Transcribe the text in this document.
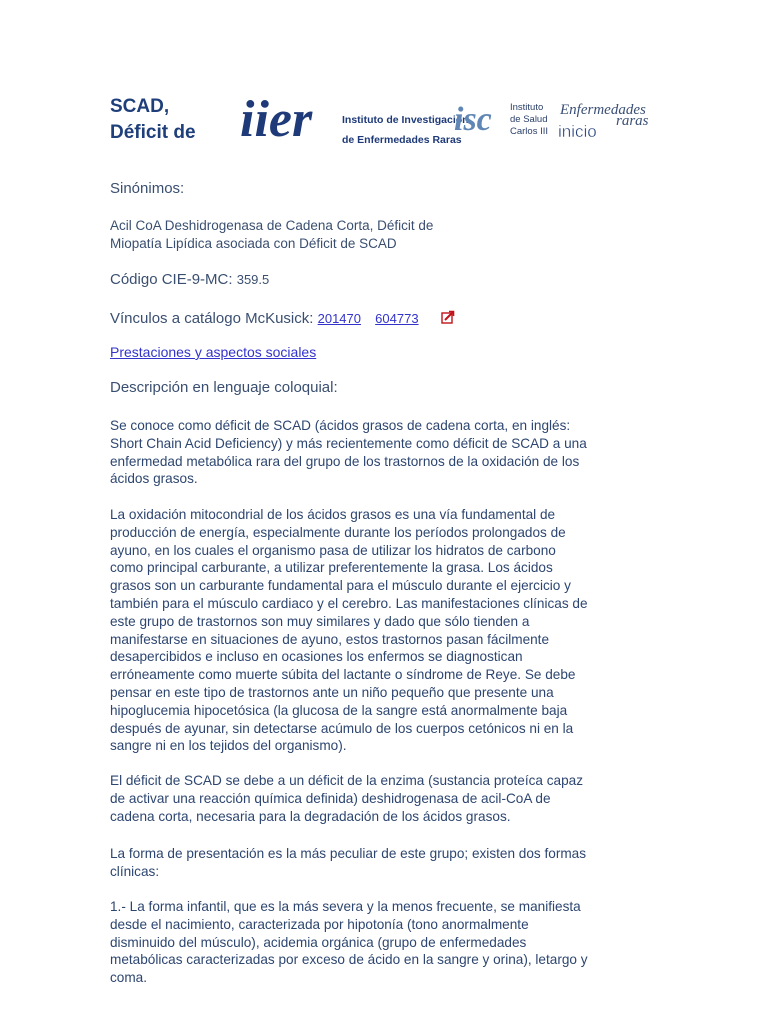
SCAD,
Déficit de iier	Instituto de Investigación
de Enfermedades Raras
isc Instituto
de Salud
Carlos III
Enfermedades
raras
inicio
Sinónimos:
Acil CoA Deshidrogenasa de Cadena Corta, Déficit de
Miopatía Lipídica asociada con Déficit de SCAD
Código CIE-9-MC: 359.5
Vínculos a catálogo McKusick: 201470 604773
Prestaciones y aspectos sociales
Descripción en lenguaje coloquial:
Se conoce como déficit de SCAD (ácidos grasos de cadena corta, en inglés:
Short Chain Acid Deficiency) y más recientemente como déficit de SCAD a una
enfermedad metabólica rara del grupo de los trastornos de la oxidación de los
ácidos grasos.
La oxidación mitocondrial de los ácidos grasos es una vía fundamental de
producción de energía, especialmente durante los períodos prolongados de
ayuno, en los cuales el organismo pasa de utilizar los hidratos de carbono
como principal carburante, a utilizar preferentemente la grasa. Los ácidos
grasos son un carburante fundamental para el músculo durante el ejercicio y
también para el músculo cardiaco y el cerebro. Las manifestaciones clínicas de
este grupo de trastornos son muy similares y dado que sólo tienden a
manifestarse en situaciones de ayuno, estos trastornos pasan fácilmente
desapercibidos e incluso en ocasiones los enfermos se diagnostican
erróneamente como muerte súbita del lactante o síndrome de Reye. Se debe
pensar en este tipo de trastornos ante un niño pequeño que presente una
hipoglucemia hipocetósica (la glucosa de la sangre está anormalmente baja
después de ayunar, sin detectarse acúmulo de los cuerpos cetónicos ni en la
sangre ni en los tejidos del organismo).
El déficit de SCAD se debe a un déficit de la enzima (sustancia proteíca capaz
de activar una reacción química definida) deshidrogenasa de acil-CoA de
cadena corta, necesaria para la degradación de los ácidos grasos.
La forma de presentación es la más peculiar de este grupo; existen dos formas
clínicas:
1.- La forma infantil, que es la más severa y la menos frecuente, se manifiesta
desde el nacimiento, caracterizada por hipotonía (tono anormalmente
disminuido del músculo), acidemia orgánica (grupo de enfermedades
metabólicas caracterizadas por exceso de ácido en la sangre y orina), letargo y
coma.
